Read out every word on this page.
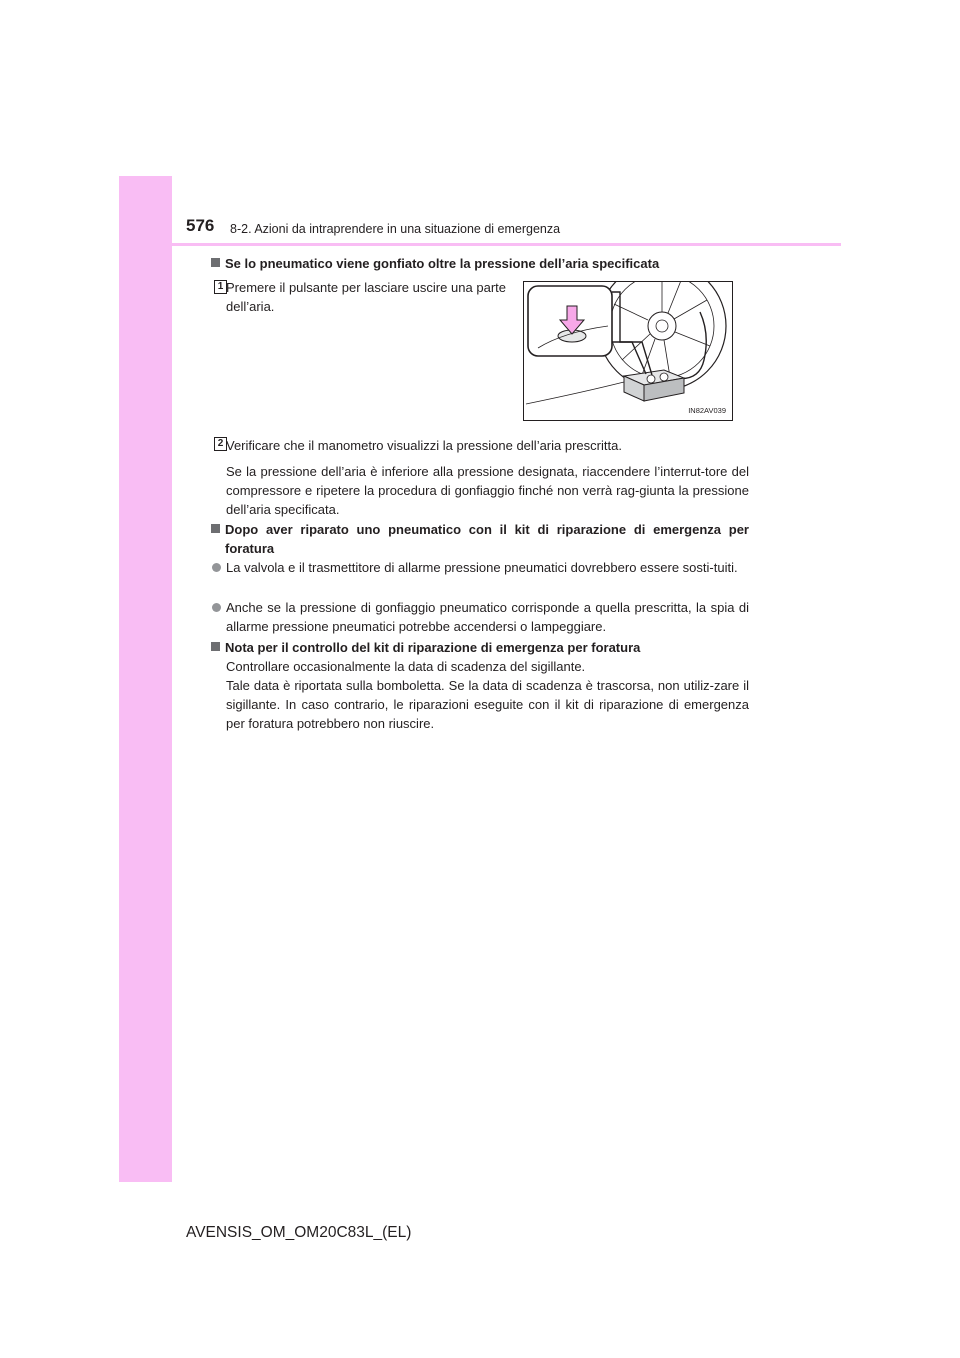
576 8-2. Azioni da intraprendere in una situazione di emergenza
Se lo pneumatico viene gonfiato oltre la pressione dell’aria specificata
1 Premere il pulsante per lasciare uscire una parte dell’aria.
IN82AV039
2 Verificare che il manometro visualizzi la pressione dell’aria prescritta.
Se la pressione dell’aria è inferiore alla pressione designata, riaccendere l’interrut-tore del compressore e ripetere la procedura di gonfiaggio finché non verrà rag-giunta la pressione dell’aria specificata.
Dopo aver riparato uno pneumatico con il kit di riparazione di emergenza per foratura
La valvola e il trasmettitore di allarme pressione pneumatici dovrebbero essere sosti-tuiti.
Anche se la pressione di gonfiaggio pneumatico corrisponde a quella prescritta, la spia di allarme pressione pneumatici potrebbe accendersi o lampeggiare.
Nota per il controllo del kit di riparazione di emergenza per foratura
Controllare occasionalmente la data di scadenza del sigillante.
Tale data è riportata sulla bomboletta. Se la data di scadenza è trascorsa, non utiliz-zare il sigillante. In caso contrario, le riparazioni eseguite con il kit di riparazione di emergenza per foratura potrebbero non riuscire.
AVENSIS_OM_OM20C83L_(EL)
